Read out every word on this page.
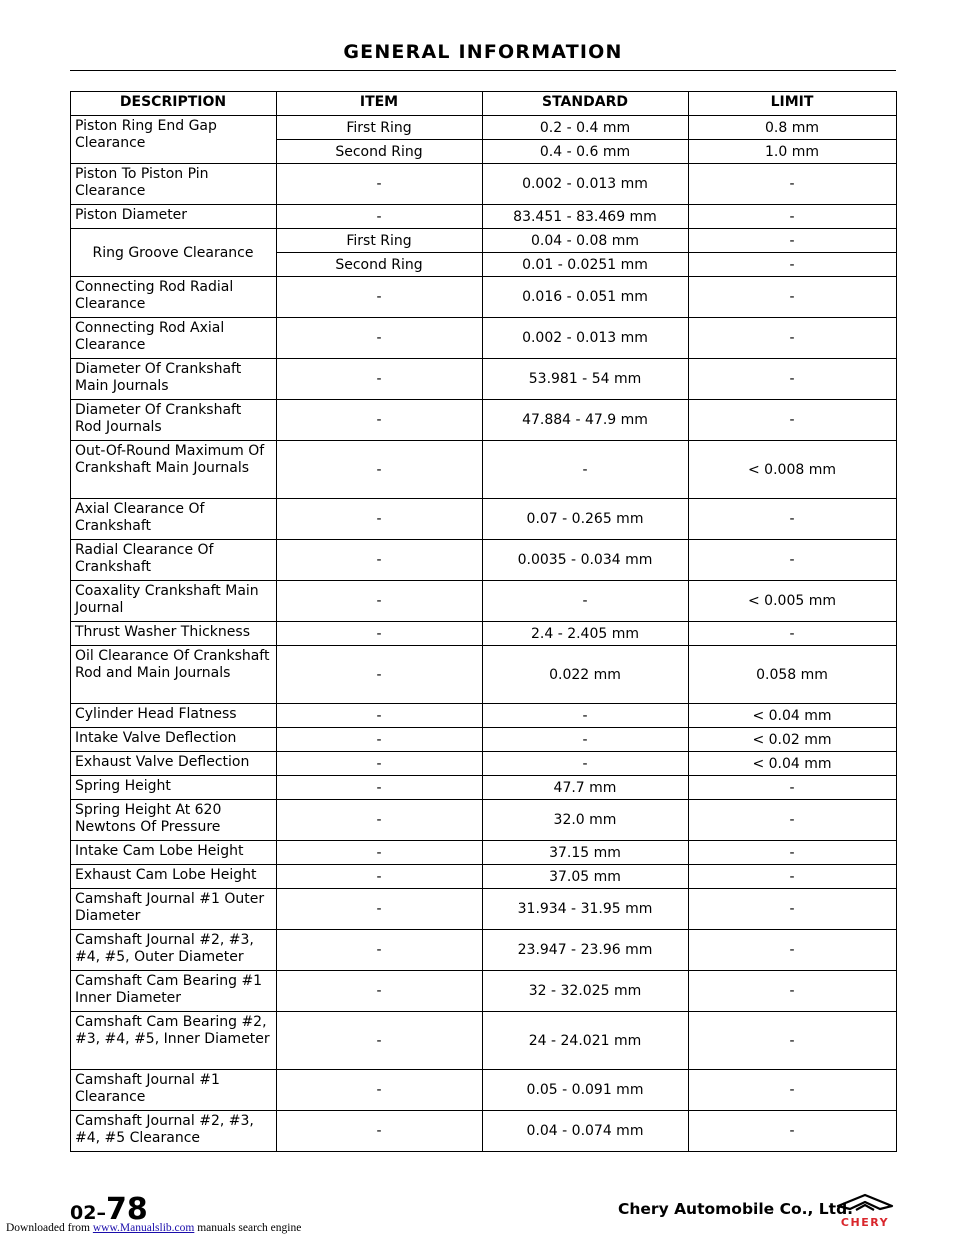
Downloaded from www.Manualslib.com manuals search engine
GENERAL INFORMATION
DESCRIPTION	ITEM	STANDARD	LIMIT
Piston Ring End Gap Clearance	First Ring	0.2 - 0.4 mm	0.8 mm
	Second Ring	0.4 - 0.6 mm	1.0 mm
Piston To Piston Pin Clearance	-	0.002 - 0.013 mm	-
Piston Diameter	-	83.451 - 83.469 mm	-
Ring Groove Clearance	First Ring	0.04 - 0.08 mm	-
	Second Ring	0.01 - 0.0251 mm	-
Connecting Rod Radial Clearance	-	0.016 - 0.051 mm	-
Connecting Rod Axial Clearance	-	0.002 - 0.013 mm	-
Diameter Of Crankshaft Main Journals	-	53.981 - 54 mm	-
Diameter Of Crankshaft Rod Journals	-	47.884 - 47.9 mm	-
Out-Of-Round Maximum Of Crankshaft Main Journals	-	-	< 0.008 mm
Axial Clearance Of Crankshaft	-	0.07 - 0.265 mm	-
Radial Clearance Of Crankshaft	-	0.0035 - 0.034 mm	-
Coaxality Crankshaft Main Journal	-	-	< 0.005 mm
Thrust Washer Thickness	-	2.4 - 2.405 mm	-
Oil Clearance Of Crankshaft Rod and Main Journals	-	0.022 mm	0.058 mm
Cylinder Head Flatness	-	-	< 0.04 mm
Intake Valve Deflection	-	-	< 0.02 mm
Exhaust Valve Deflection	-	-	< 0.04 mm
Spring Height	-	47.7 mm	-
Spring Height At 620 Newtons Of Pressure	-	32.0 mm	-
Intake Cam Lobe Height	-	37.15 mm	-
Exhaust Cam Lobe Height	-	37.05 mm	-
Camshaft Journal #1 Outer Diameter	-	31.934 - 31.95 mm	-
Camshaft Journal #2, #3, #4, #5, Outer Diameter	-	23.947 - 23.96 mm	-
Camshaft Cam Bearing #1 Inner Diameter	-	32 - 32.025 mm	-
Camshaft Cam Bearing #2, #3, #4, #5, Inner Diameter	-	24 - 24.021 mm	-
Camshaft Journal #1 Clearance	-	0.05 - 0.091 mm	-
Camshaft Journal #2, #3, #4, #5 Clearance	-	0.04 - 0.074 mm	-
02–78	Chery Automobile Co., Ltd.
CHERY
